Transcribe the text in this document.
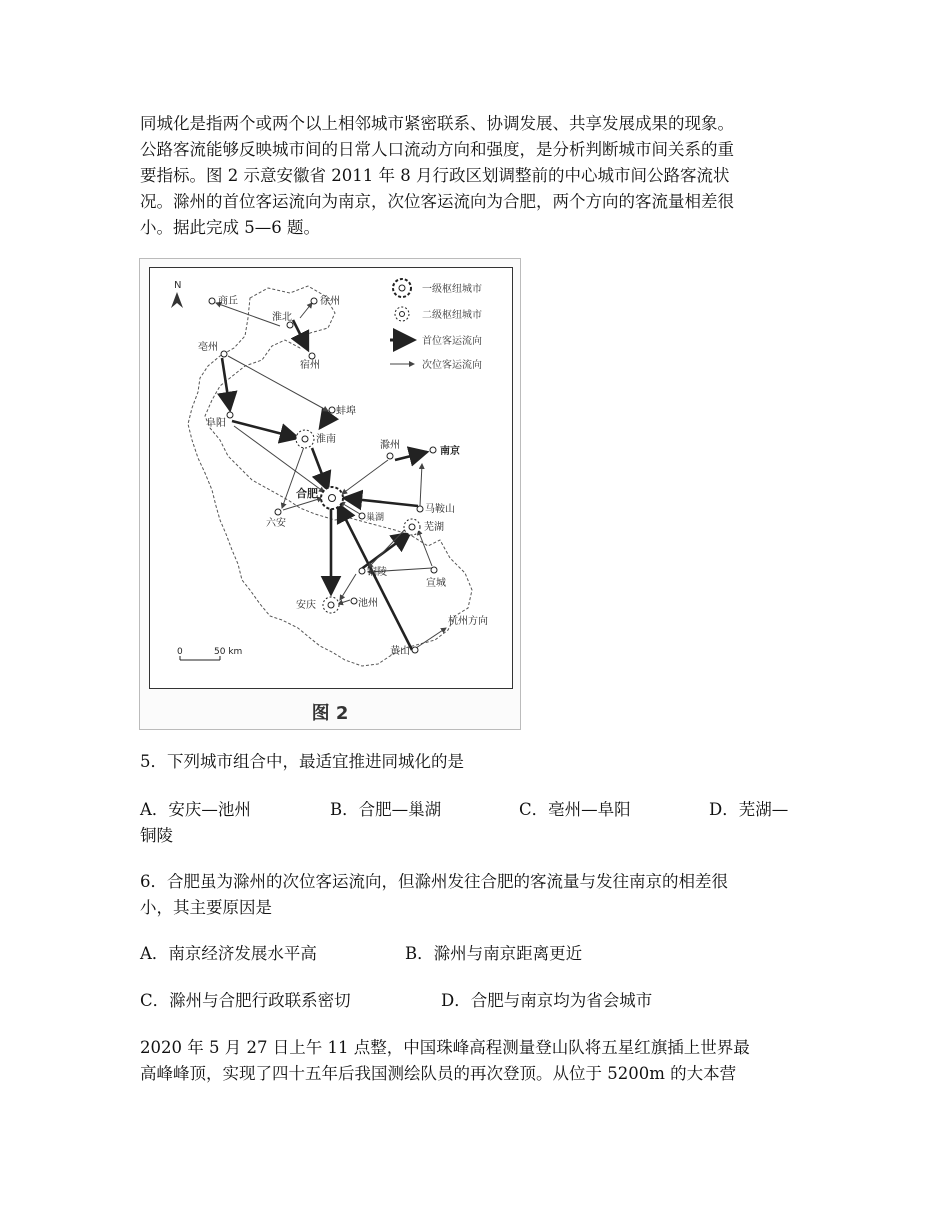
同城化是指两个或两个以上相邻城市紧密联系、协调发展、共享发展成果的现象。
公路客流能够反映城市间的日常人口流动方向和强度，是分析判断城市间关系的重
要指标。图 2 示意安徽省 2011 年 8 月行政区划调整前的中心城市间公路客流状
况。滁州的首位客运流向为南京，次位客运流向为合肥，两个方向的客流量相差很
小。据此完成 5—6 题。
N	一级枢纽城市
二级枢纽城市
首位客运流向
次位客运流向
商丘	徐州
淮北
宿州
亳州
蚌埠
阜阳
淮南
滁州
南京
合肥
六安
马鞍山
巢湖
芜湖
铜陵
宣城
安庆	池州
黄山
杭州方向
0	50 km
图 2
5．下列城市组合中，最适宜推进同城化的是
A．安庆—池州	B．合肥—巢湖	C．亳州—阜阳	D．芜湖—
铜陵
6．合肥虽为滁州的次位客运流向，但滁州发往合肥的客流量与发往南京的相差很
小，其主要原因是
A．南京经济发展水平高	B．滁州与南京距离更近
C．滁州与合肥行政联系密切	D．合肥与南京均为省会城市
2020 年 5 月 27 日上午 11 点整，中国珠峰高程测量登山队将五星红旗插上世界最
高峰峰顶，实现了四十五年后我国测绘队员的再次登顶。从位于 5200m 的大本营
